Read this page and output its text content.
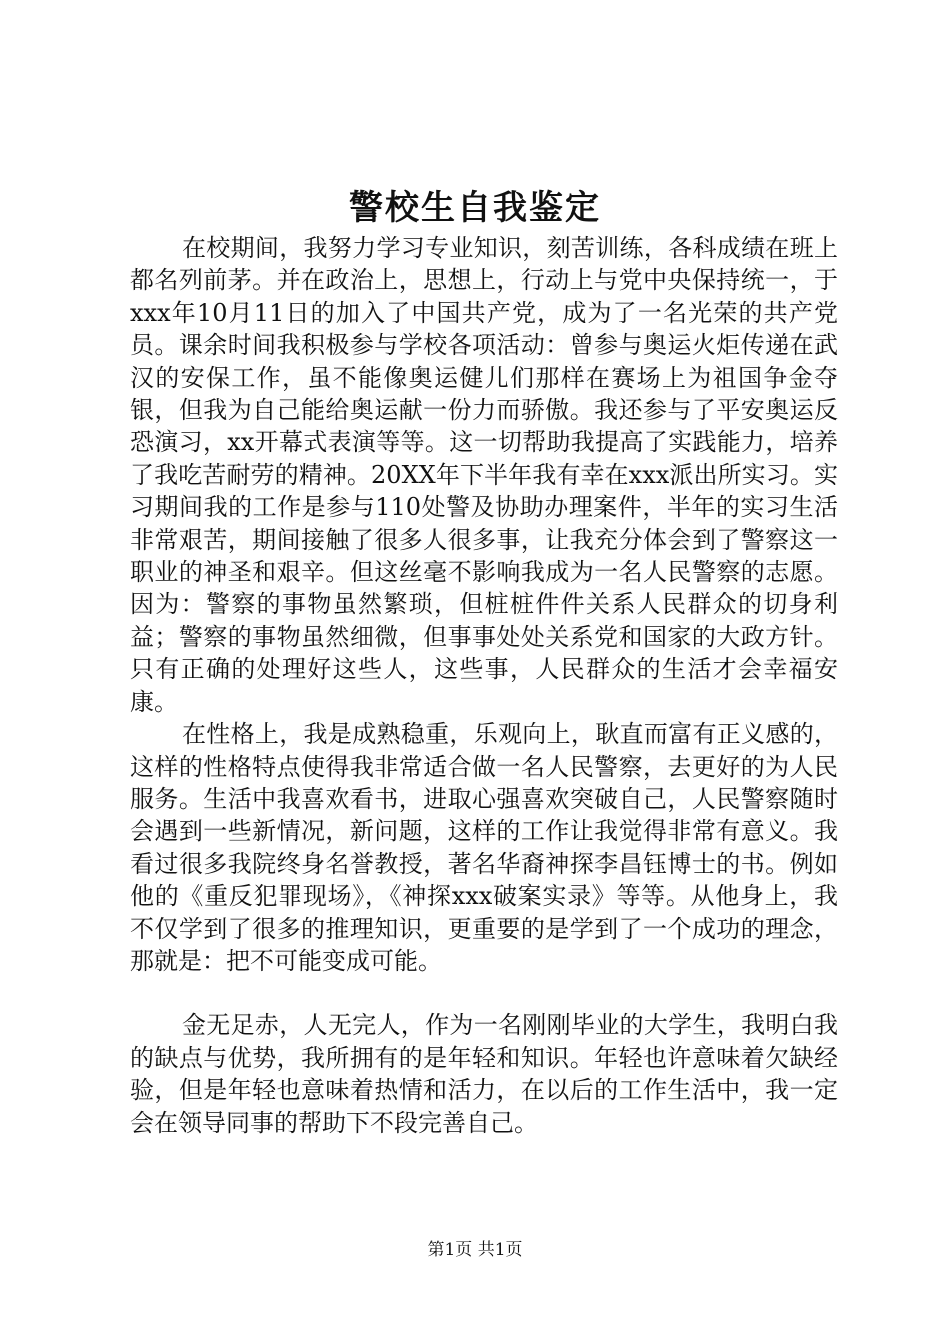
警校生自我鉴定

在校期间，我努力学习专业知识，刻苦训练，各科成绩在班上都名列前茅。并在政治上，思想上，行动上与党中央保持统一，于xxx年10月11日的加入了中国共产党，成为了一名光荣的共产党员。课余时间我积极参与学校各项活动：曾参与奥运火炬传递在武汉的安保工作，虽不能像奥运健儿们那样在赛场上为祖国争金夺银，但我为自己能给奥运献一份力而骄傲。我还参与了平安奥运反恐演习，xx开幕式表演等等。这一切帮助我提高了实践能力，培养了我吃苦耐劳的精神。20XX年下半年我有幸在xxx派出所实习。实习期间我的工作是参与110处警及协助办理案件，半年的实习生活非常艰苦，期间接触了很多人很多事，让我充分体会到了警察这一职业的神圣和艰辛。但这丝毫不影响我成为一名人民警察的志愿。因为：警察的事物虽然繁琐，但桩桩件件关系人民群众的切身利益；警察的事物虽然细微，但事事处处关系党和国家的大政方针。只有正确的处理好这些人，这些事，人民群众的生活才会幸福安康。

在性格上，我是成熟稳重，乐观向上，耿直而富有正义感的，这样的性格特点使得我非常适合做一名人民警察，去更好的为人民服务。生活中我喜欢看书，进取心强喜欢突破自己，人民警察随时会遇到一些新情况，新问题，这样的工作让我觉得非常有意义。我看过很多我院终身名誉教授，著名华裔神探李昌钰博士的书。例如他的《重反犯罪现场》，《神探xxx破案实录》等等。从他身上，我不仅学到了很多的推理知识，更重要的是学到了一个成功的理念，那就是：把不可能变成可能。

金无足赤，人无完人，作为一名刚刚毕业的大学生，我明白我的缺点与优势，我所拥有的是年轻和知识。年轻也许意味着欠缺经验，但是年轻也意味着热情和活力，在以后的工作生活中，我一定会在领导同事的帮助下不段完善自己。

第1页 共1页
